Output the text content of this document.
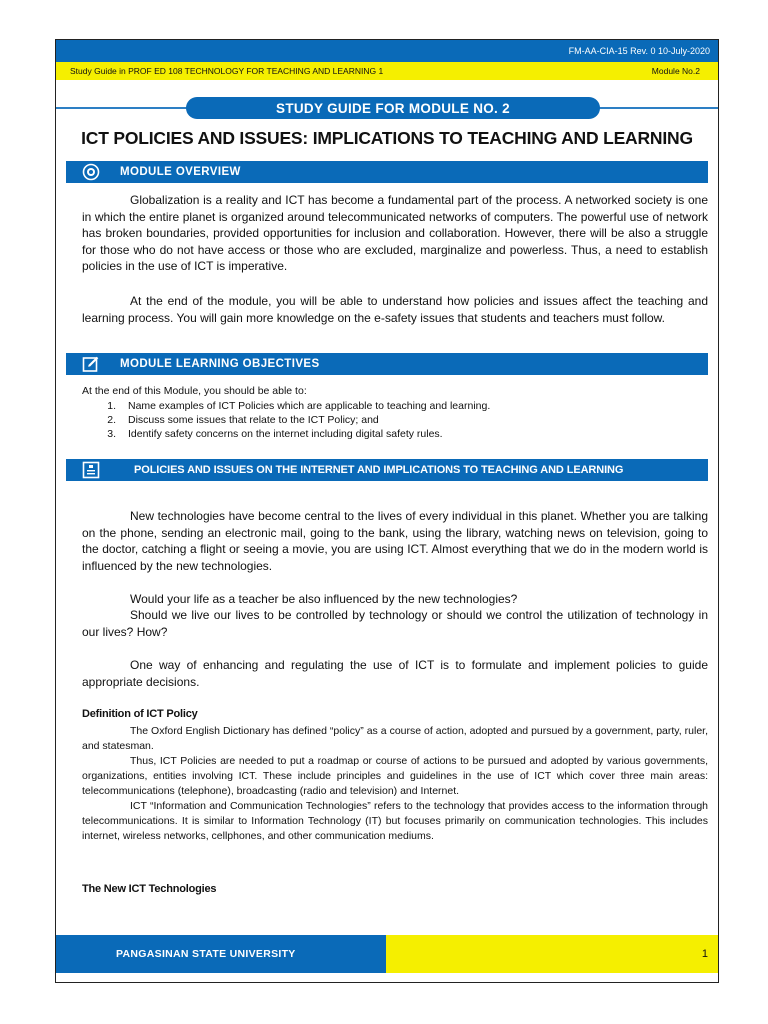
FM-AA-CIA-15 Rev. 0 10-July-2020
Study Guide in PROF ED 108 TECHNOLOGY FOR TEACHING AND LEARNING 1	Module No.2
STUDY GUIDE FOR MODULE NO. 2
ICT POLICIES AND ISSUES: IMPLICATIONS TO TEACHING AND LEARNING
MODULE OVERVIEW
Globalization is a reality and ICT has become a fundamental part of the process. A networked society is one in which the entire planet is organized around telecommunicated networks of computers. The powerful use of network has broken boundaries, provided opportunities for inclusion and collaboration. However, there will be also a struggle for those who do not have access or those who are excluded, marginalize and powerless. Thus, a need to establish policies in the use of ICT is imperative.
At the end of the module, you will be able to understand how policies and issues affect the teaching and learning process. You will gain more knowledge on the e-safety issues that students and teachers must follow.
MODULE LEARNING OBJECTIVES
At the end of this Module, you should be able to:
1.	Name examples of ICT Policies which are applicable to teaching and learning.
2.	Discuss some issues that relate to the ICT Policy; and
3.	Identify safety concerns on the internet including digital safety rules.
POLICIES AND ISSUES ON THE INTERNET AND IMPLICATIONS TO TEACHING AND LEARNING
New technologies have become central to the lives of every individual in this planet. Whether you are talking on the phone, sending an electronic mail, going to the bank, using the library, watching news on television, going to the doctor, catching a flight or seeing a movie, you are using ICT. Almost everything that we do in the modern world is influenced by the new technologies.
Would your life as a teacher be also influenced by the new technologies?
Should we live our lives to be controlled by technology or should we control the utilization of technology in our lives? How?
One way of enhancing and regulating the use of ICT is to formulate and implement policies to guide appropriate decisions.
Definition of ICT Policy
The Oxford English Dictionary has defined “policy” as a course of action, adopted and pursued by a government, party, ruler, and statesman.
Thus, ICT Policies are needed to put a roadmap or course of actions to be pursued and adopted by various governments, organizations, entities involving ICT. These include principles and guidelines in the use of ICT which cover three main areas: telecommunications (telephone), broadcasting (radio and television) and Internet.
ICT “Information and Communication Technologies” refers to the technology that provides access to the information through telecommunications. It is similar to Information Technology (IT) but focuses primarily on communication technologies. This includes internet, wireless networks, cellphones, and other communication mediums.
The New ICT Technologies
PANGASINAN STATE UNIVERSITY	1
